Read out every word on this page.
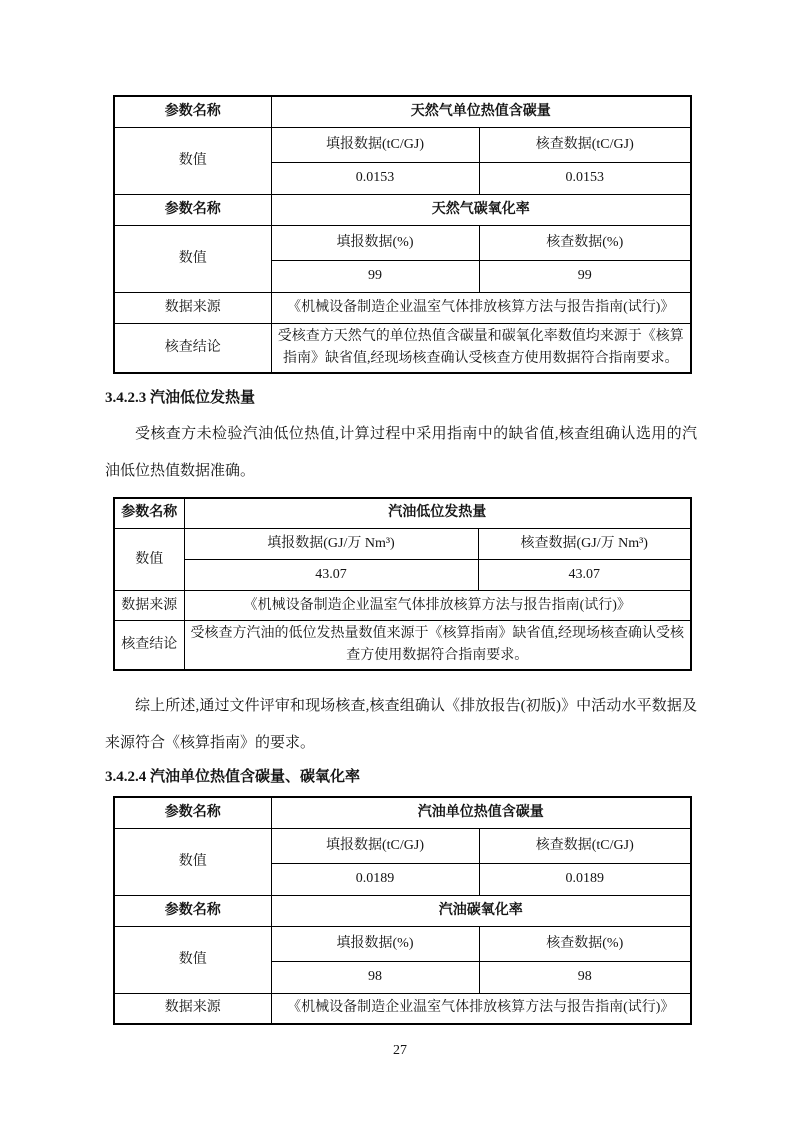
参数名称	天然气单位热值含碳量	
数值	填报数据(tC/GJ)	核查数据(tC/GJ)
	0.0153	0.0153
参数名称	天然气碳氧化率	
数值	填报数据(%)	核查数据(%)
	99	99
数据来源	《机械设备制造企业温室气体排放核算方法与报告指南(试行)》	
核查结论	受核查方天然气的单位热值含碳量和碳氧化率数值均来源于《核算指南》缺省值,经现场核查确认受核查方使用数据符合指南要求。	

3.4.2.3 汽油低位发热量

受核查方未检验汽油低位热值,计算过程中采用指南中的缺省值,核查组确认选用的汽油低位热值数据准确。

参数名称	汽油低位发热量	
数值	填报数据(GJ/万 Nm³)	核查数据(GJ/万 Nm³)
	43.07	43.07
数据来源	《机械设备制造企业温室气体排放核算方法与报告指南(试行)》	
核查结论	受核查方汽油的低位发热量数值来源于《核算指南》缺省值,经现场核查确认受核查方使用数据符合指南要求。	

综上所述,通过文件评审和现场核查,核查组确认《排放报告(初版)》中活动水平数据及来源符合《核算指南》的要求。

3.4.2.4 汽油单位热值含碳量、碳氧化率

参数名称	汽油单位热值含碳量	
数值	填报数据(tC/GJ)	核查数据(tC/GJ)
	0.0189	0.0189
参数名称	汽油碳氧化率	
数值	填报数据(%)	核查数据(%)
	98	98
数据来源	《机械设备制造企业温室气体排放核算方法与报告指南(试行)》	
27
